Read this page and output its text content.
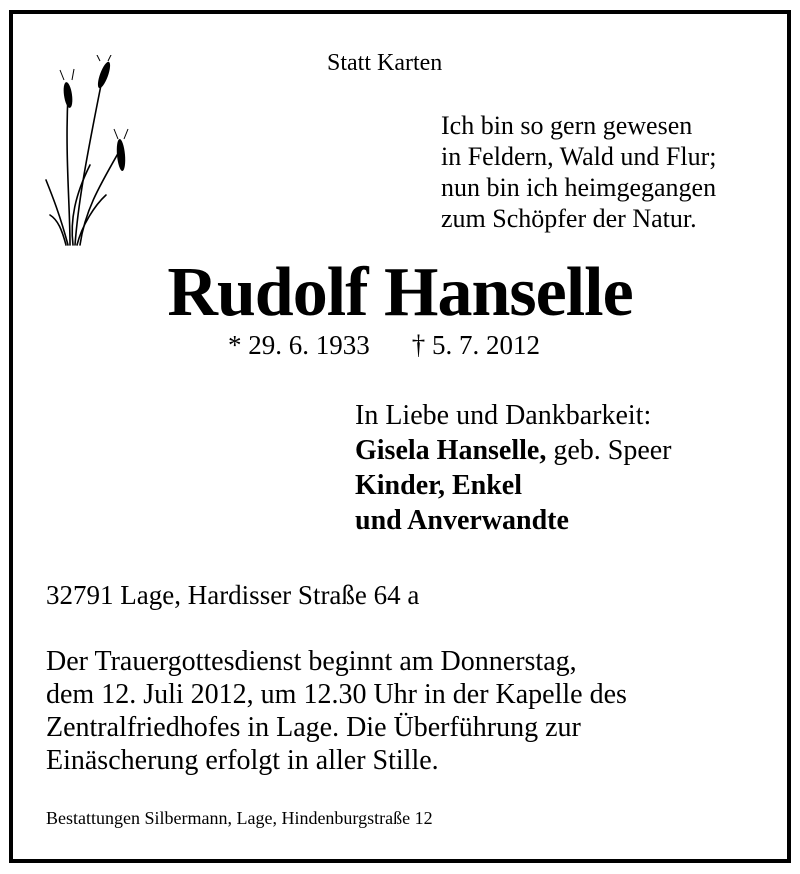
Statt Karten
Ich bin so gern gewesen
in Feldern, Wald und Flur;
nun bin ich heimgegangen
zum Schöpfer der Natur.
Rudolf Hanselle
* 29. 6. 1933 † 5. 7. 2012
In Liebe und Dankbarkeit:
Gisela Hanselle, geb. Speer
Kinder, Enkel
und Anverwandte
32791 Lage, Hardisser Straße 64 a
Der Trauergottesdienst beginnt am Donnerstag,
dem 12. Juli 2012, um 12.30 Uhr in der Kapelle des
Zentralfriedhofes in Lage. Die Überführung zur
Einäscherung erfolgt in aller Stille.
Bestattungen Silbermann, Lage, Hindenburgstraße 12
